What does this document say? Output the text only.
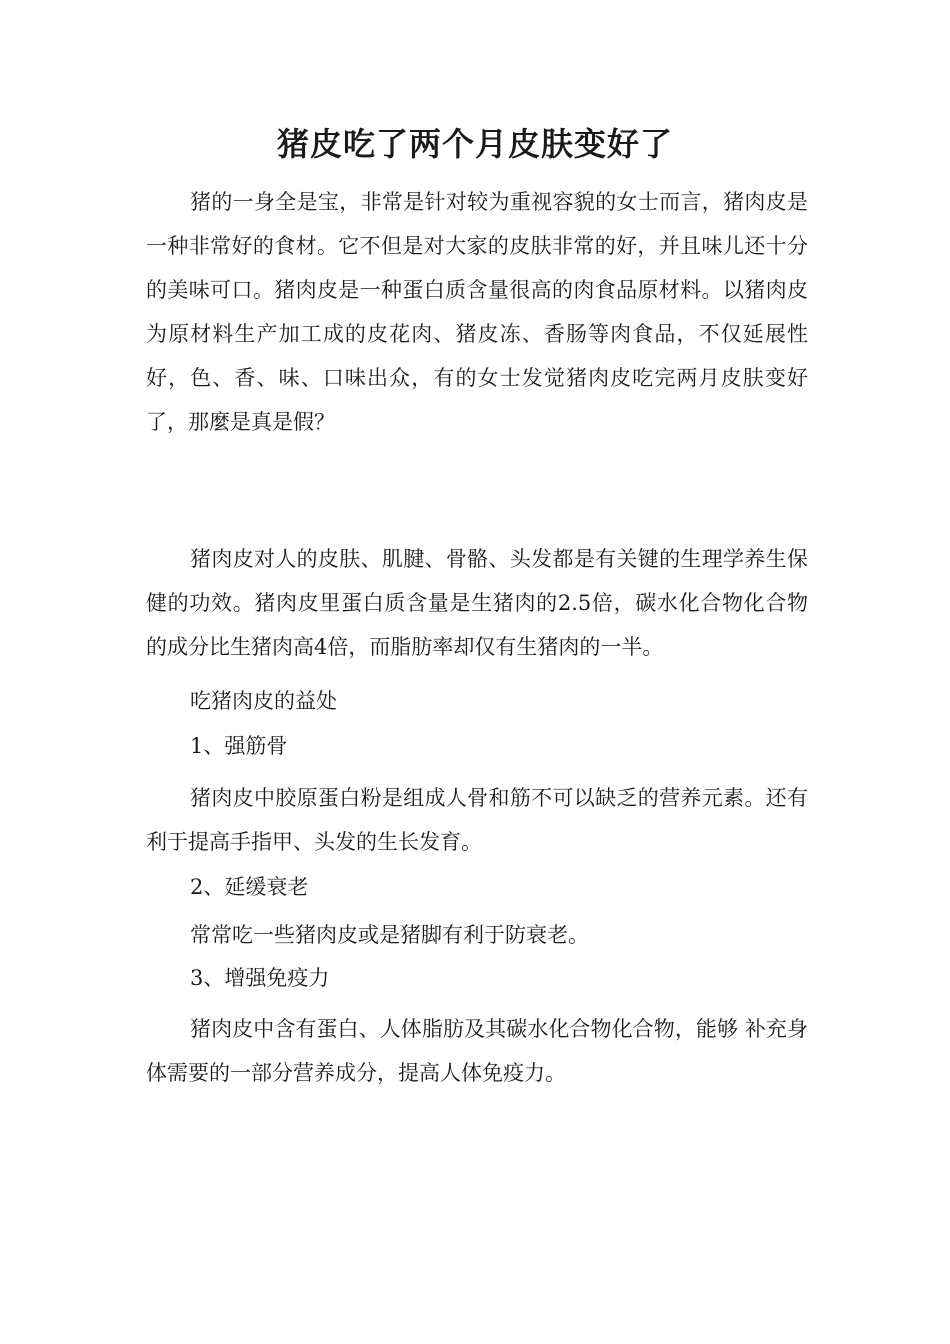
猪皮吃了两个月皮肤变好了

猪的一身全是宝，非常是针对较为重视容貌的女士而言，猪肉皮是一种非常好的食材。它不但是对大家的皮肤非常的好，并且味儿还十分的美味可口。猪肉皮是一种蛋白质含量很高的肉食品原材料。以猪肉皮为原材料生产加工成的皮花肉、猪皮冻、香肠等肉食品，不仅延展性好，色、香、味、口味出众，有的女士发觉猪肉皮吃完两月皮肤变好了，那麼是真是假？

猪肉皮对人的皮肤、肌腱、骨骼、头发都是有关键的生理学养生保健的功效。猪肉皮里蛋白质含量是生猪肉的2.5倍，碳水化合物化合物的成分比生猪肉高4倍，而脂肪率却仅有生猪肉的一半。

吃猪肉皮的益处

1、强筋骨

猪肉皮中胶原蛋白粉是组成人骨和筋不可以缺乏的营养元素。还有利于提高手指甲、头发的生长发育。

2、延缓衰老

常常吃一些猪肉皮或是猪脚有利于防衰老。

3、增强免疫力

猪肉皮中含有蛋白、人体脂肪及其碳水化合物化合物，能够 补充身体需要的一部分营养成分，提高人体免疫力。
